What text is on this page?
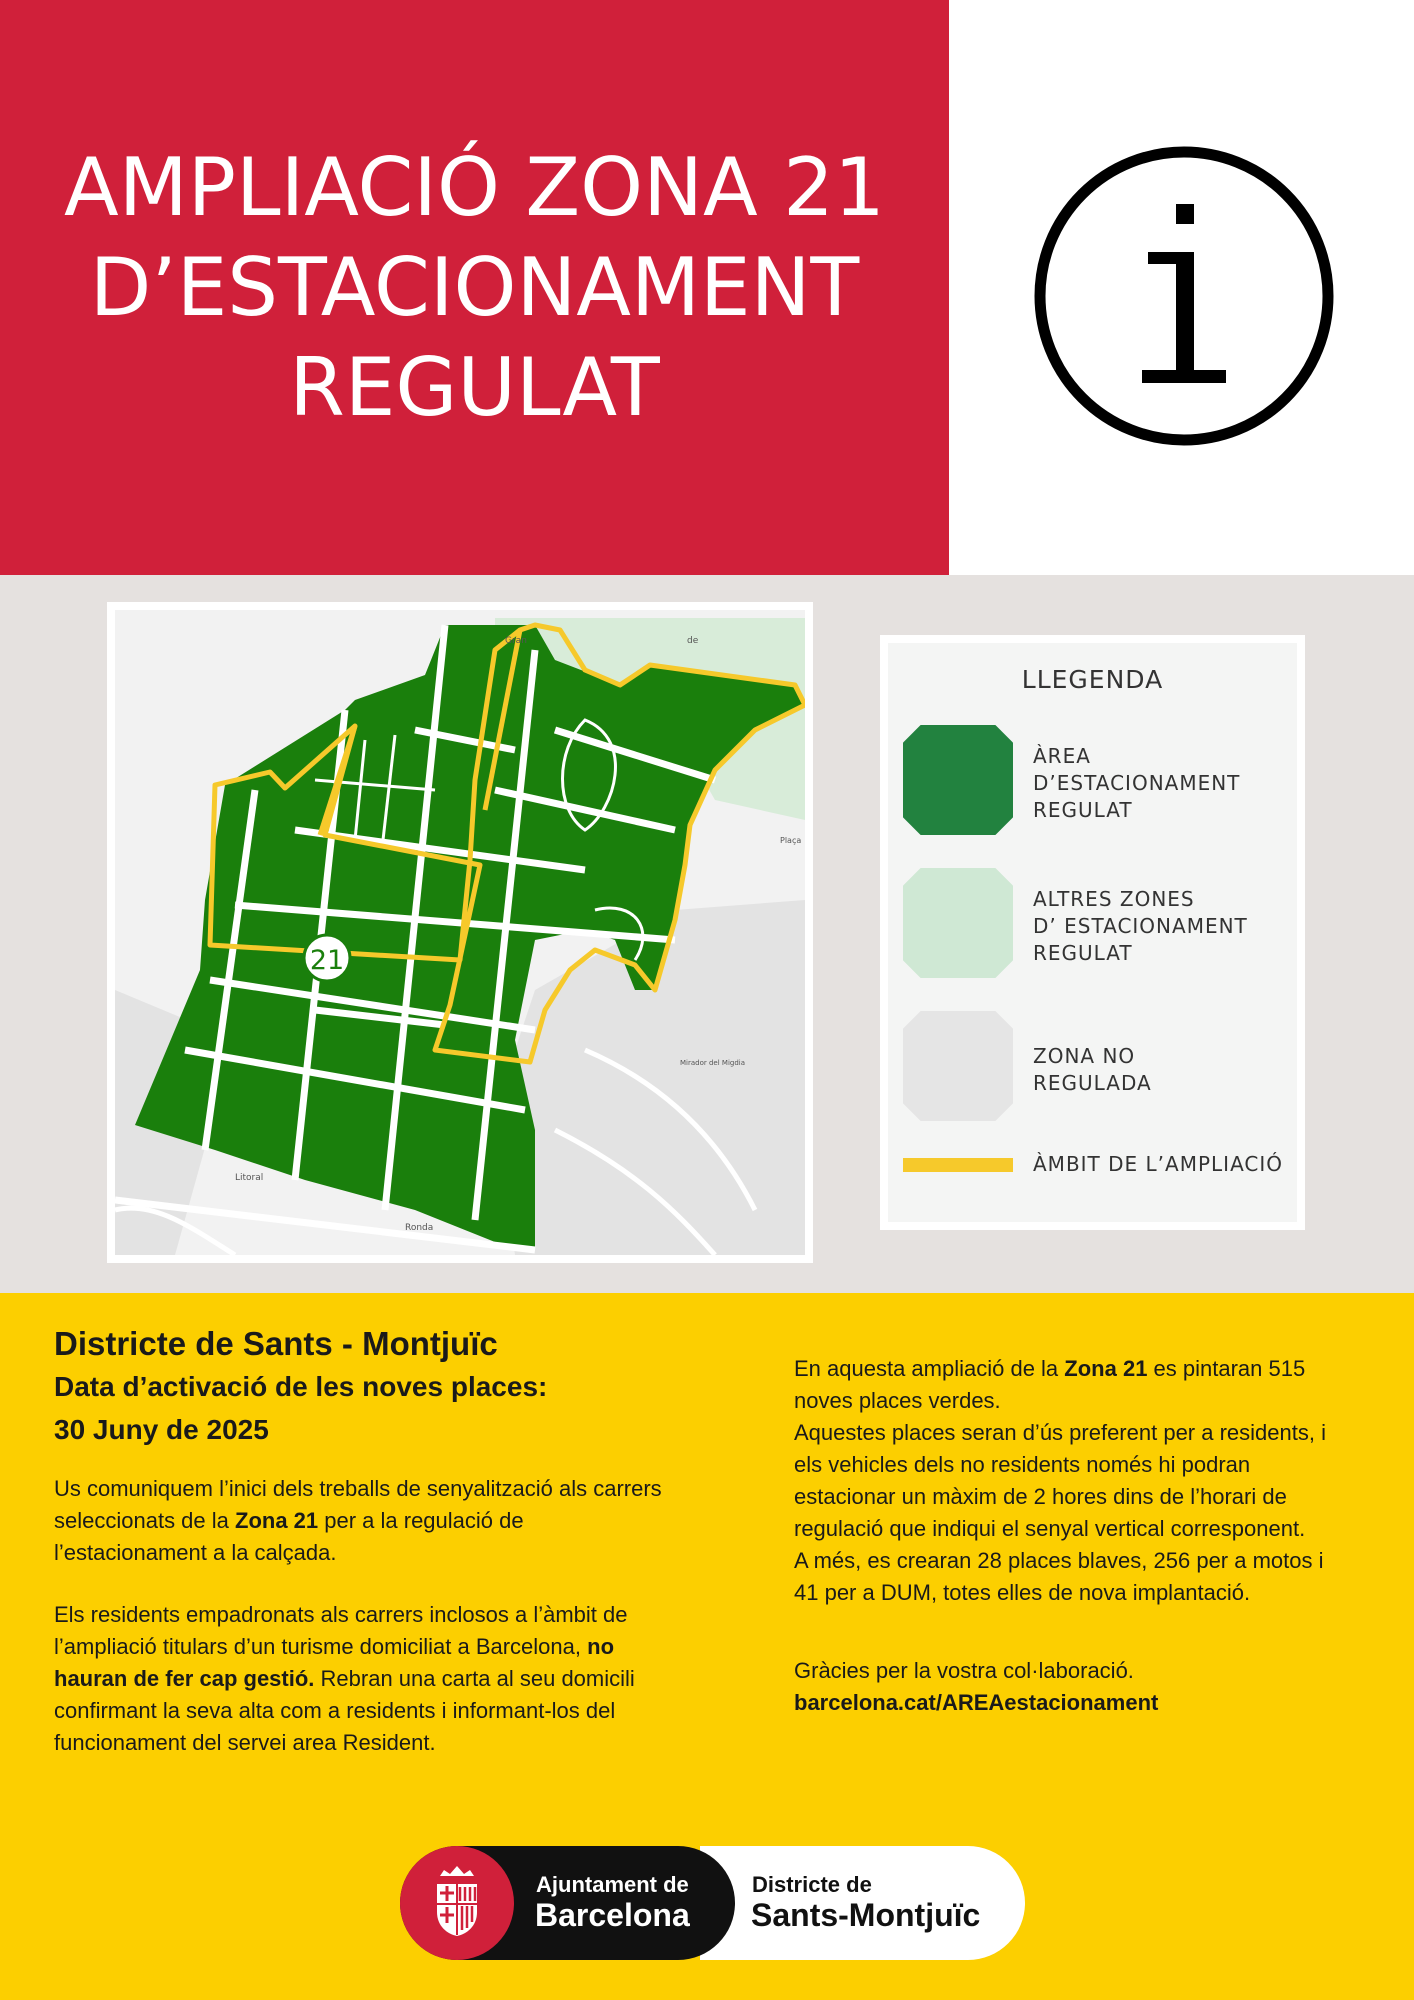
AMPLIACIÓ ZONA 21
D’ESTACIONAMENT
REGULAT
21
Gran	de
Plaça
Litoral
Ronda
Mirador del Migdia
LLEGENDA
ÀREA
D’ESTACIONAMENT
REGULAT
ALTRES ZONES
D’ ESTACIONAMENT
REGULAT
ZONA NO
REGULADA
ÀMBIT DE L’AMPLIACIÓ

Districte de Sants - Montjuïc

Data d’activació de les noves places:

30 Juny de 2025

Us comuniquem l’inici dels treballs de senyalització als carrers seleccionats de la Zona 21 per a la regulació de l’estacionament a la calçada.

Els residents empadronats als carrers inclosos a l’àmbit de l’ampliació titulars d’un turisme domiciliat a Barcelona, no hauran de fer cap gestió. Rebran una carta al seu domicili confirmant la seva alta com a residents i informant-los del funcionament del servei area Resident.

En aquesta ampliació de la Zona 21 es pintaran 515 noves places verdes.

Aquestes places seran d’ús preferent per a residents, i els vehicles dels no residents només hi podran estacionar un màxim de 2 hores dins de l’horari de regulació que indiqui el senyal vertical corresponent.

A més, es crearan 28 places blaves, 256 per a motos i 41 per a DUM, totes elles de nova implantació.

Gràcies per la vostra col·laboració.

barcelona.cat/AREAestacionament

Ajuntament de
Barcelona
Districte de
Sants-Montjuïc
